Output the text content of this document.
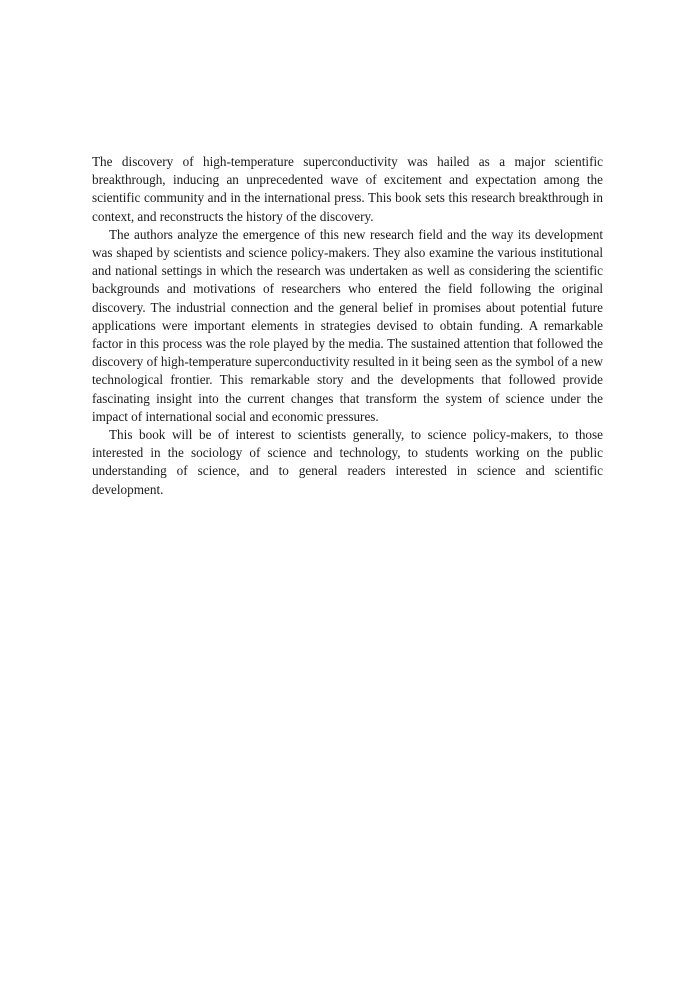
The discovery of high-temperature superconductivity was hailed as a major scientific breakthrough, inducing an unprecedented wave of excitement and expectation among the scientific community and in the international press. This book sets this research breakthrough in context, and reconstructs the history of the discovery.

The authors analyze the emergence of this new research field and the way its development was shaped by scientists and science policy-makers. They also examine the various institutional and national settings in which the research was undertaken as well as considering the scientific backgrounds and motivations of researchers who entered the field following the original discovery. The industrial connection and the general belief in promises about potential future applications were important elements in strategies devised to obtain funding. A remarkable factor in this process was the role played by the media. The sustained attention that followed the discovery of high-temperature superconductivity resulted in it being seen as the symbol of a new technological frontier. This remarkable story and the developments that followed provide fascinating insight into the current changes that transform the system of science under the impact of international social and economic pressures.

This book will be of interest to scientists generally, to science policy-makers, to those interested in the sociology of science and technology, to students working on the public understanding of science, and to general readers interested in science and scientific development.
